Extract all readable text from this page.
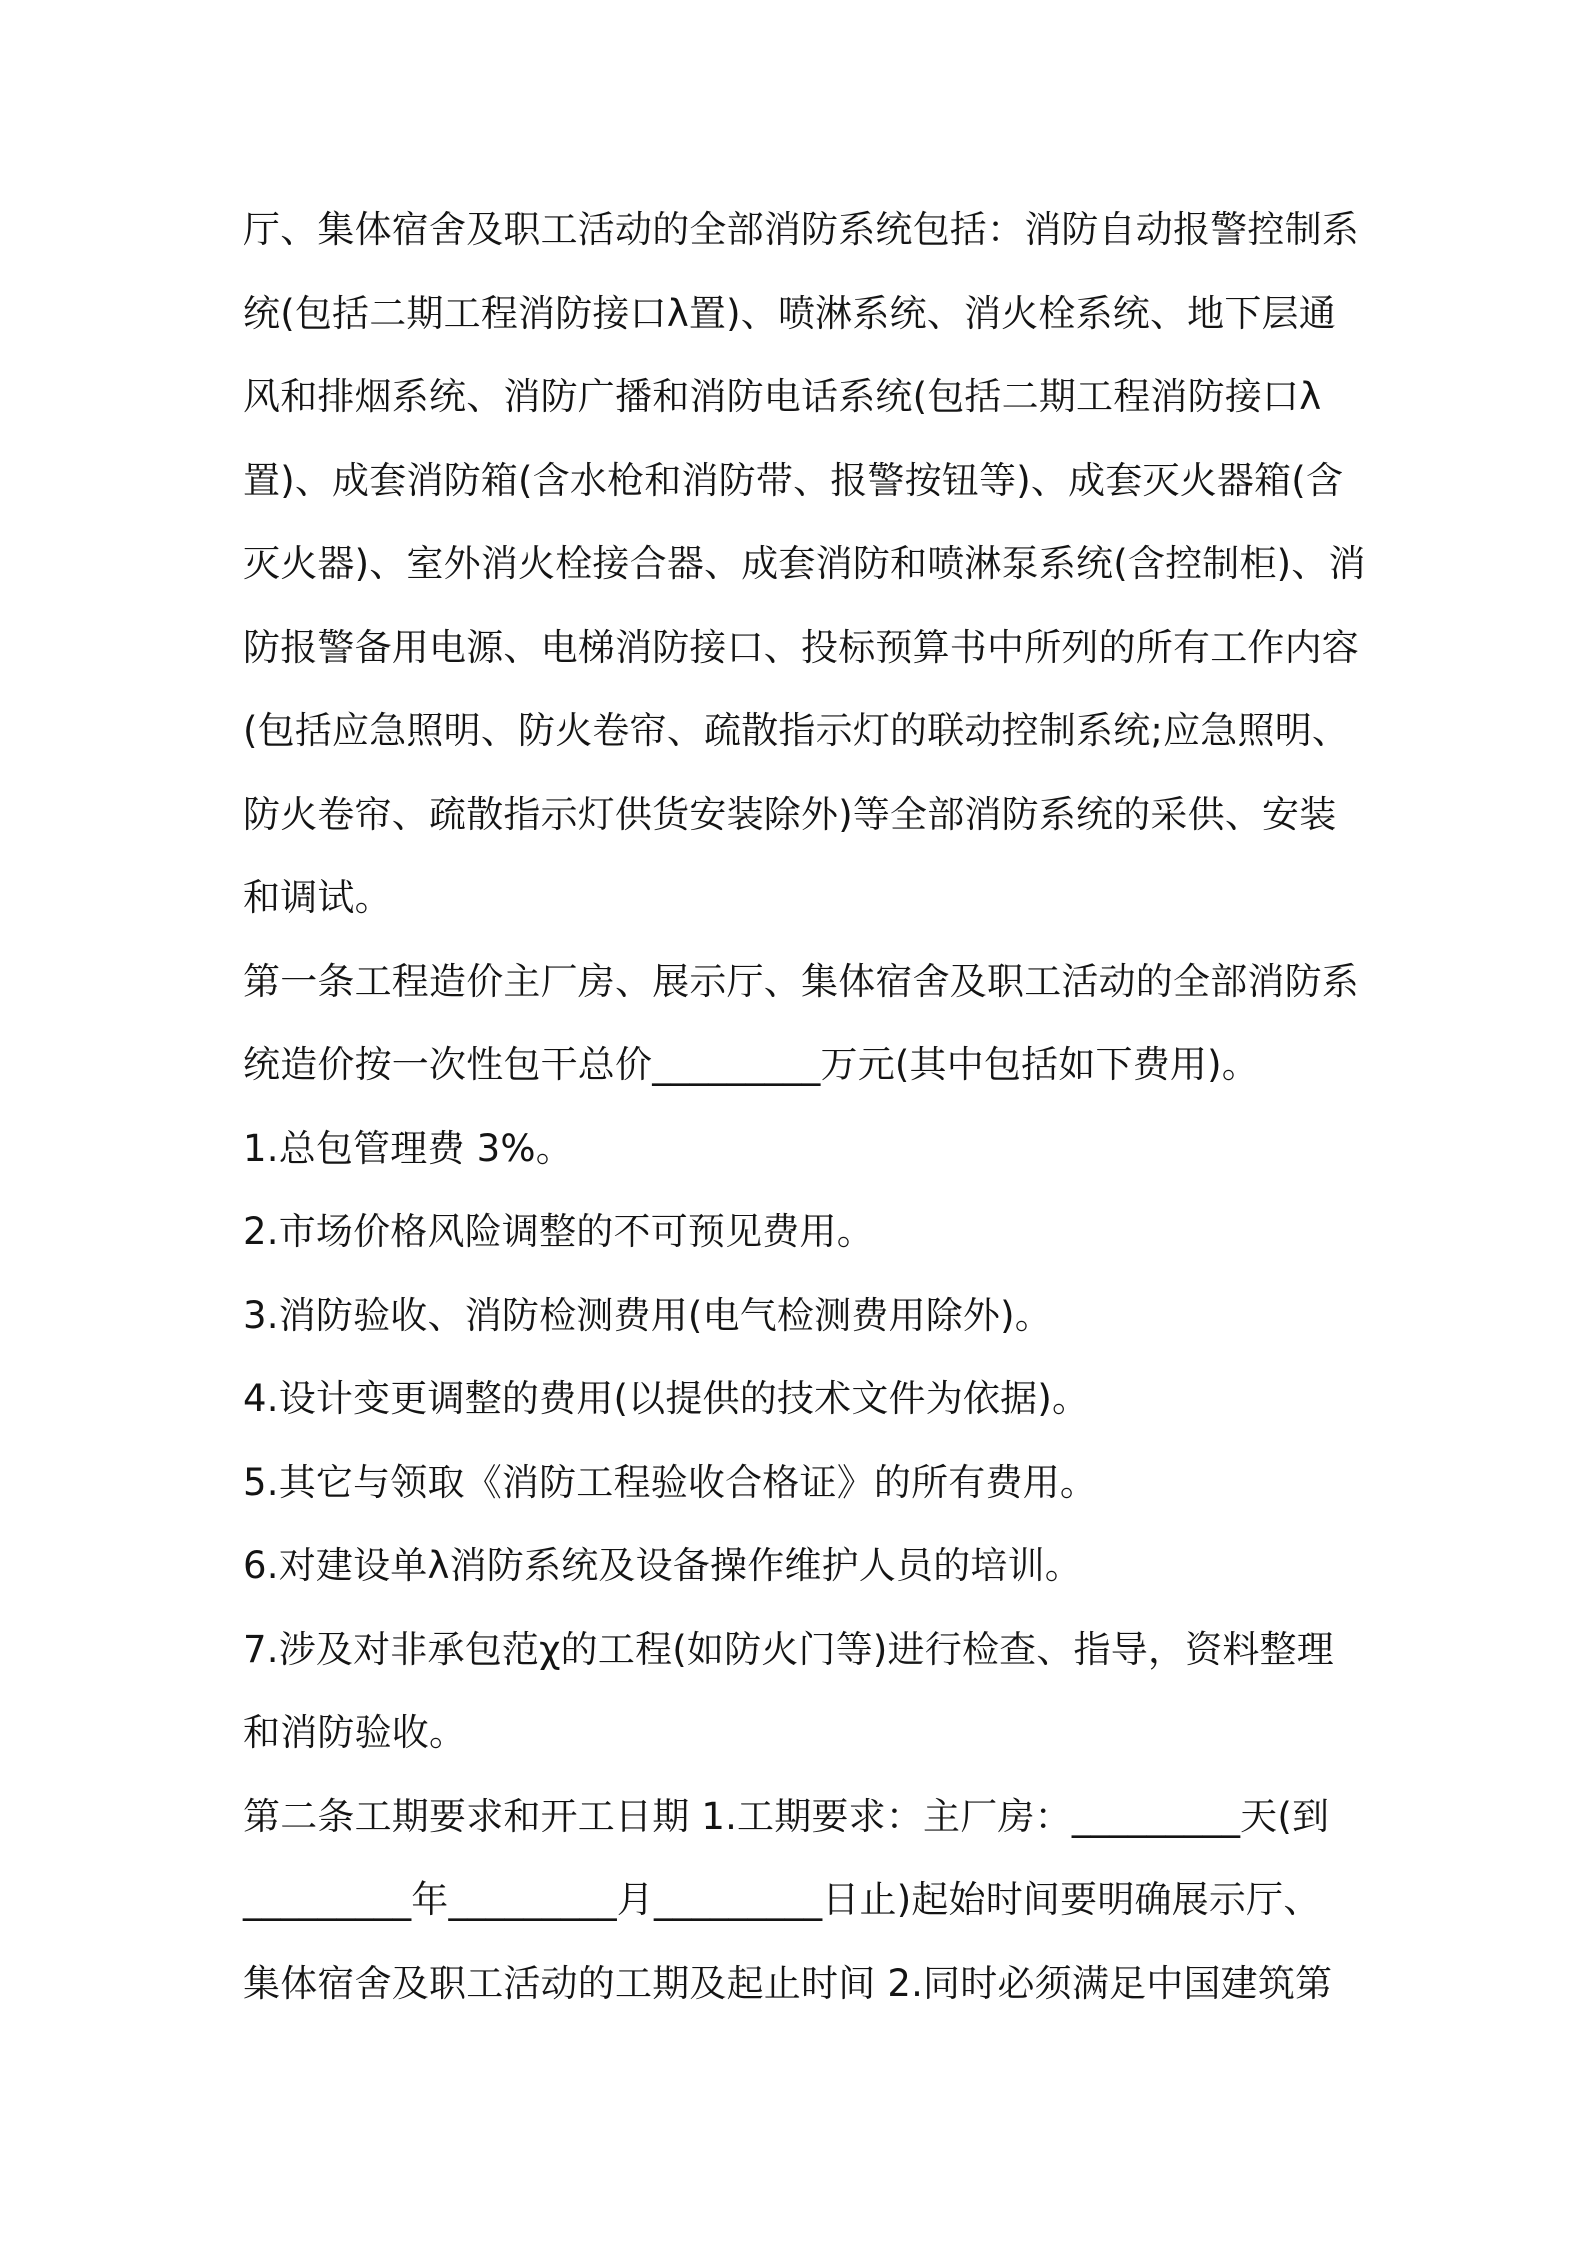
厅、集体宿舍及职工活动的全部消防系统包括：消防自动报警控制系
统(包括二期工程消防接口λ置)、喷淋系统、消火栓系统、地下层通
风和排烟系统、消防广播和消防电话系统(包括二期工程消防接口λ
置)、成套消防箱(含水枪和消防带、报警按钮等)、成套灭火器箱(含
灭火器)、室外消火栓接合器、成套消防和喷淋泵系统(含控制柜)、消
防报警备用电源、电梯消防接口、投标预算书中所列的所有工作内容
(包括应急照明、防火卷帘、疏散指示灯的联动控制系统;应急照明、
防火卷帘、疏散指示灯供货安装除外)等全部消防系统的采供、安装
和调试。
第一条工程造价主厂房、展示厅、集体宿舍及职工活动的全部消防系
统造价按一次性包干总价_________万元(其中包括如下费用)。
1.总包管理费 3%。
2.市场价格风险调整的不可预见费用。
3.消防验收、消防检测费用(电气检测费用除外)。
4.设计变更调整的费用(以提供的技术文件为依据)。
5.其它与领取《消防工程验收合格证》的所有费用。
6.对建设单λ消防系统及设备操作维护人员的培训。
7.涉及对非承包范χ的工程(如防火门等)进行检查、指导，资料整理
和消防验收。
第二条工期要求和开工日期 1.工期要求：主厂房：_________天(到
_________年_________月_________日止)起始时间要明确展示厅、
集体宿舍及职工活动的工期及起止时间 2.同时必须满足中国建筑第
